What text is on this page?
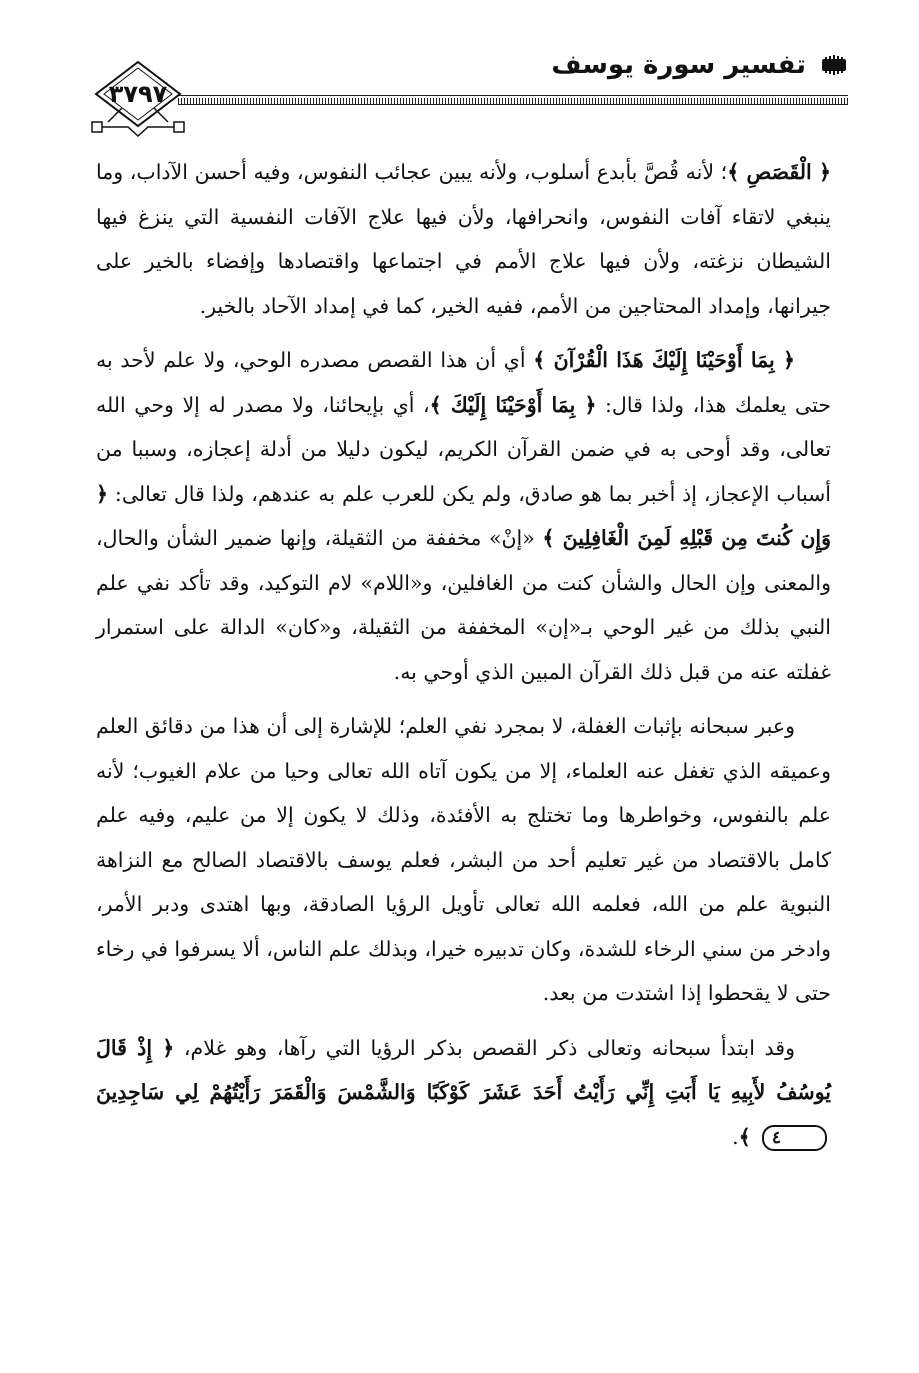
تفسير سورة يوسف
٣٧٩٧

﴿ الْقَصَصِ ﴾؛ لأنه قُصَّ بأبدع أسلوب، ولأنه يبين عجائب النفوس، وفيه أحسن الآداب، وما ينبغي لاتقاء آفات النفوس، وانحرافها، ولأن فيها علاج الآفات النفسية التي ينزغ فيها الشيطان نزغته، ولأن فيها علاج الأمم في اجتماعها واقتصادها وإفضاء بالخير على جيرانها، وإمداد المحتاجين من الأمم، ففيه الخير، كما في إمداد الآحاد بالخير.

﴿ بِمَا أَوْحَيْنَا إِلَيْكَ هَذَا الْقُرْآنَ ﴾ أي أن هذا القصص مصدره الوحي، ولا علم لأحد به حتى يعلمك هذا، ولذا قال: ﴿ بِمَا أَوْحَيْنَا إِلَيْكَ ﴾، أي بإيحائنا، ولا مصدر له إلا وحي الله تعالى، وقد أوحى به في ضمن القرآن الكريم، ليكون دليلا من أدلة إعجازه، وسببا من أسباب الإعجاز، إذ أخبر بما هو صادق، ولم يكن للعرب علم به عندهم، ولذا قال تعالى: ﴿ وَإِن كُنتَ مِن قَبْلِهِ لَمِنَ الْغَافِلِينَ ﴾ «إنْ» مخففة من الثقيلة، وإنها ضمير الشأن والحال، والمعنى وإن الحال والشأن كنت من الغافلين، و«اللام» لام التوكيد، وقد تأكد نفي علم النبي بذلك من غير الوحي بـ«إن» المخففة من الثقيلة، و«كان» الدالة على استمرار غفلته عنه من قبل ذلك القرآن المبين الذي أوحي به.

وعبر سبحانه بإثبات الغفلة، لا بمجرد نفي العلم؛ للإشارة إلى أن هذا من دقائق العلم وعميقه الذي تغفل عنه العلماء، إلا من يكون آتاه الله تعالى وحيا من علام الغيوب؛ لأنه علم بالنفوس، وخواطرها وما تختلج به الأفئدة، وذلك لا يكون إلا من عليم، وفيه علم كامل بالاقتصاد من غير تعليم أحد من البشر، فعلم يوسف بالاقتصاد الصالح مع النزاهة النبوية علم من الله، فعلمه الله تعالى تأويل الرؤيا الصادقة، وبها اهتدى ودبر الأمر، وادخر من سني الرخاء للشدة، وكان تدبيره خيرا، وبذلك علم الناس، ألا يسرفوا في رخاء حتى لا يقحطوا إذا اشتدت من بعد.

وقد ابتدأ سبحانه وتعالى ذكر القصص بذكر الرؤيا التي رآها، وهو غلام، ﴿ إِذْ قَالَ يُوسُفُ لأَبِيهِ يَا أَبَتِ إِنِّي رَأَيْتُ أَحَدَ عَشَرَ كَوْكَبًا وَالشَّمْسَ وَالْقَمَرَ رَأَيْتُهُمْ لِي سَاجِدِينَ ٤ ﴾.
